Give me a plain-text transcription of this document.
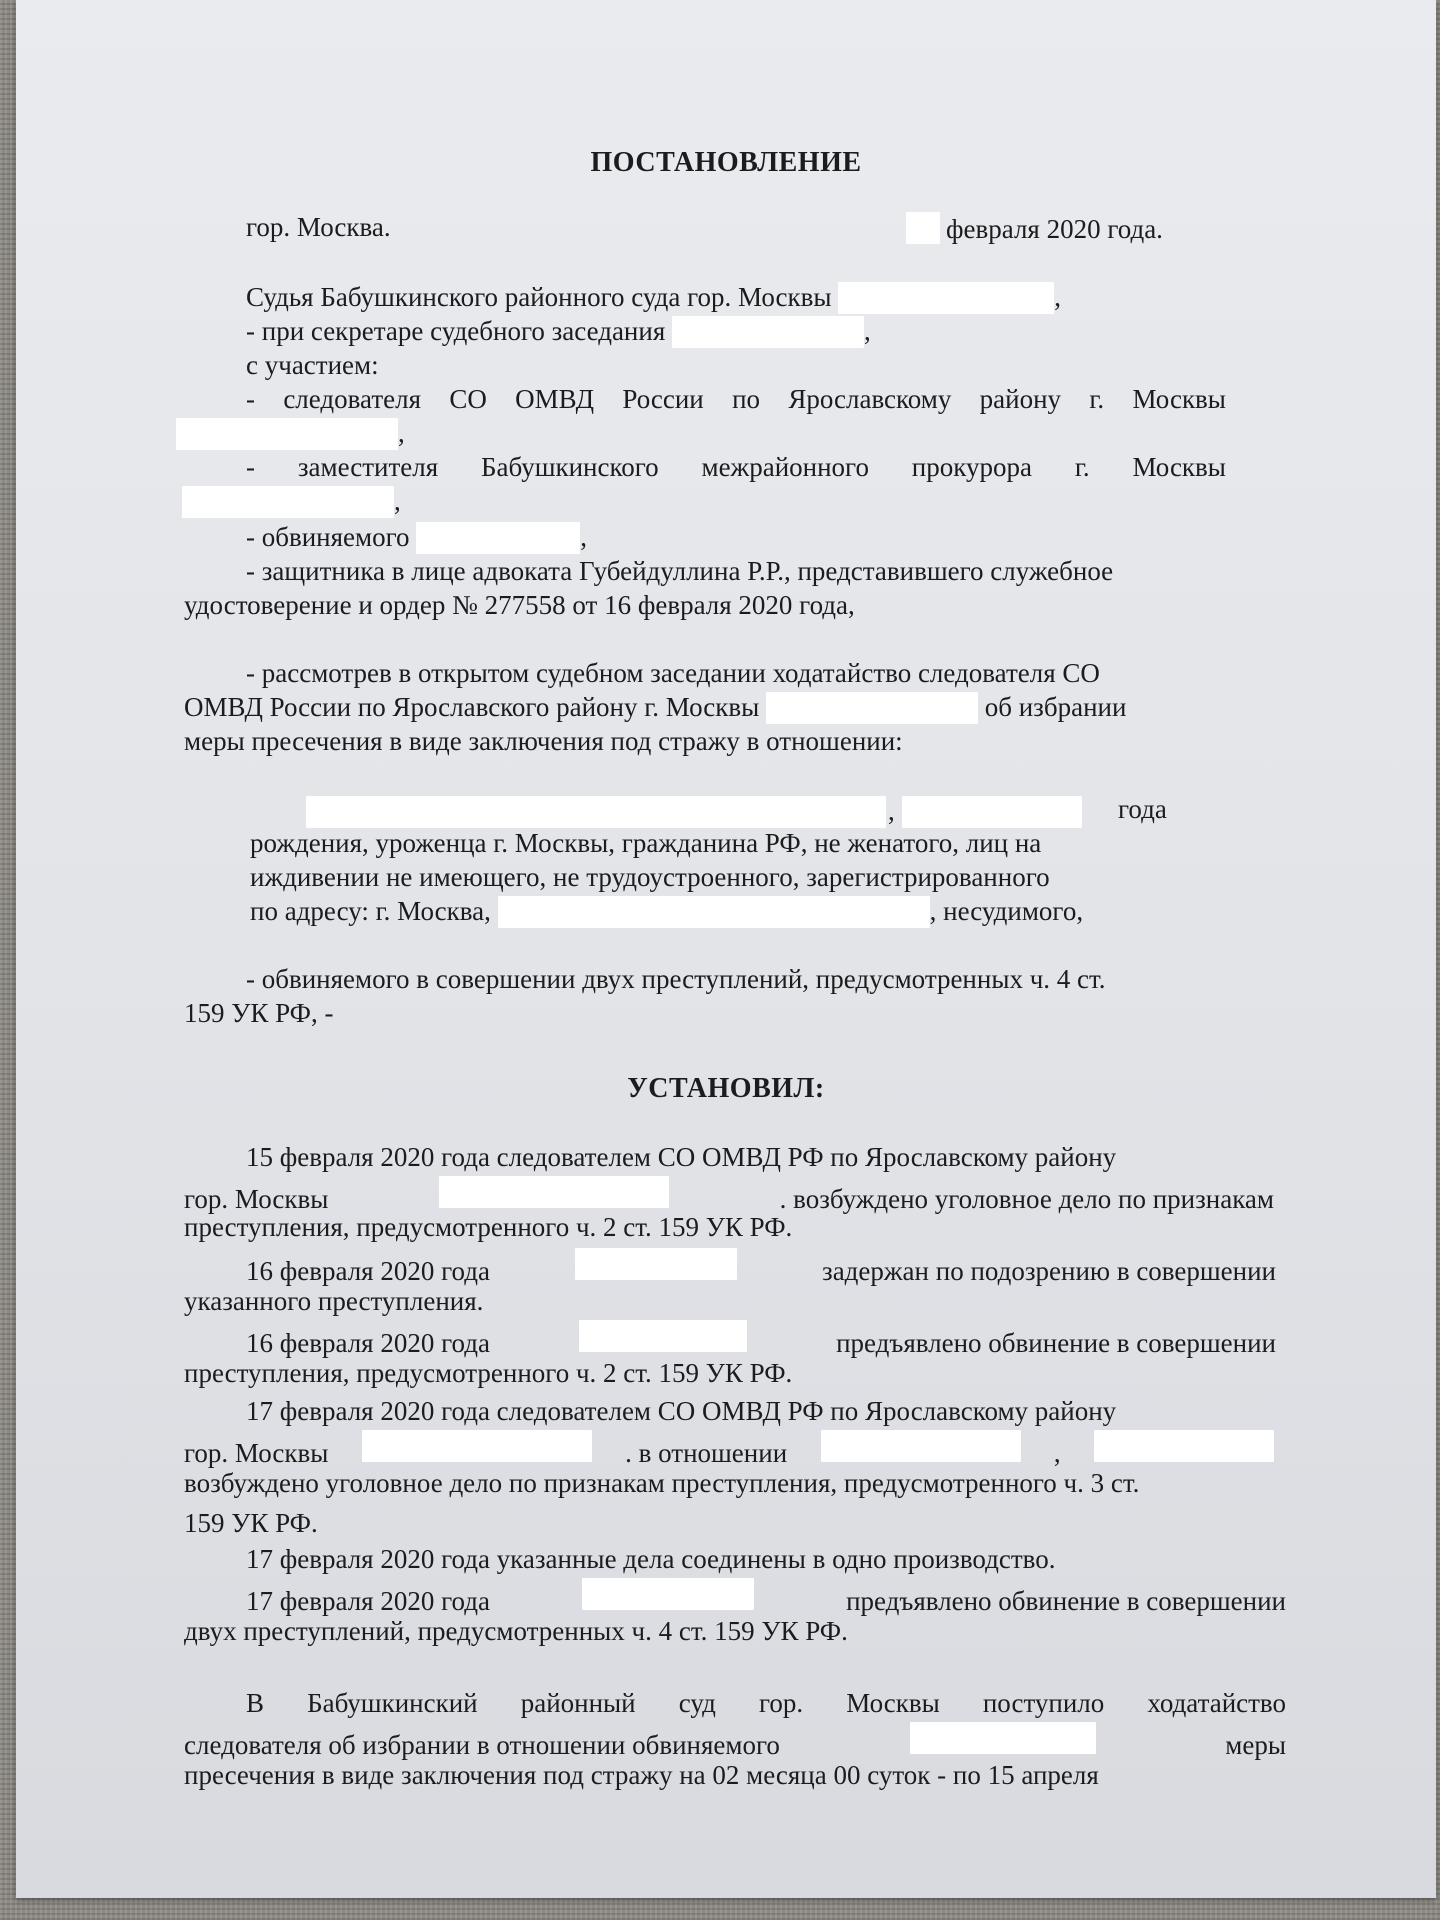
ПОСТАНОВЛЕНИЕ
гор. Москва.	февраля 2020 года.
Судья Бабушкинского районного суда гор. Москвы	,
- при секретаре судебного заседания	,
с участием:
- следователя СО ОМВД России по Ярославскому району г. Москвы
,
- заместителя Бабушкинского межрайонного прокурора г. Москвы
,
- обвиняемого	,
- защитника в лице адвоката Губейдуллина Р.Р., представившего служебное
удостоверение и ордер № 277558 от 16 февраля 2020 года,
- рассмотрев в открытом судебном заседании ходатайство следователя СО
ОМВД России по Ярославского району г. Москвы	об избрании
меры пресечения в виде заключения под стражу в отношении:
,	года
рождения, уроженца г. Москвы, гражданина РФ, не женатого, лиц на
иждивении не имеющего, не трудоустроенного, зарегистрированного
по адресу: г. Москва,	, несудимого,
- обвиняемого в совершении двух преступлений, предусмотренных ч. 4 ст.
159 УК РФ, -
УСТАНОВИЛ:
15 февраля 2020 года следователем СО ОМВД РФ по Ярославскому району
гор. Москвы	. возбуждено уголовное дело по признакам
преступления, предусмотренного ч. 2 ст. 159 УК РФ.
16 февраля 2020 года	задержан по подозрению в совершении
указанного преступления.
16 февраля 2020 года	предъявлено обвинение в совершении
преступления, предусмотренного ч. 2 ст. 159 УК РФ.
17 февраля 2020 года следователем СО ОМВД РФ по Ярославскому району
гор. Москвы	. в отношении	,
возбуждено уголовное дело по признакам преступления, предусмотренного ч. 3 ст.
159 УК РФ.
17 февраля 2020 года указанные дела соединены в одно производство.
17 февраля 2020 года	предъявлено обвинение в совершении
двух преступлений, предусмотренных ч. 4 ст. 159 УК РФ.
В Бабушкинский районный суд гор. Москвы поступило ходатайство
следователя об избрании в отношении обвиняемого	меры
пресечения в виде заключения под стражу на 02 месяца 00 суток - по 15 апреля
